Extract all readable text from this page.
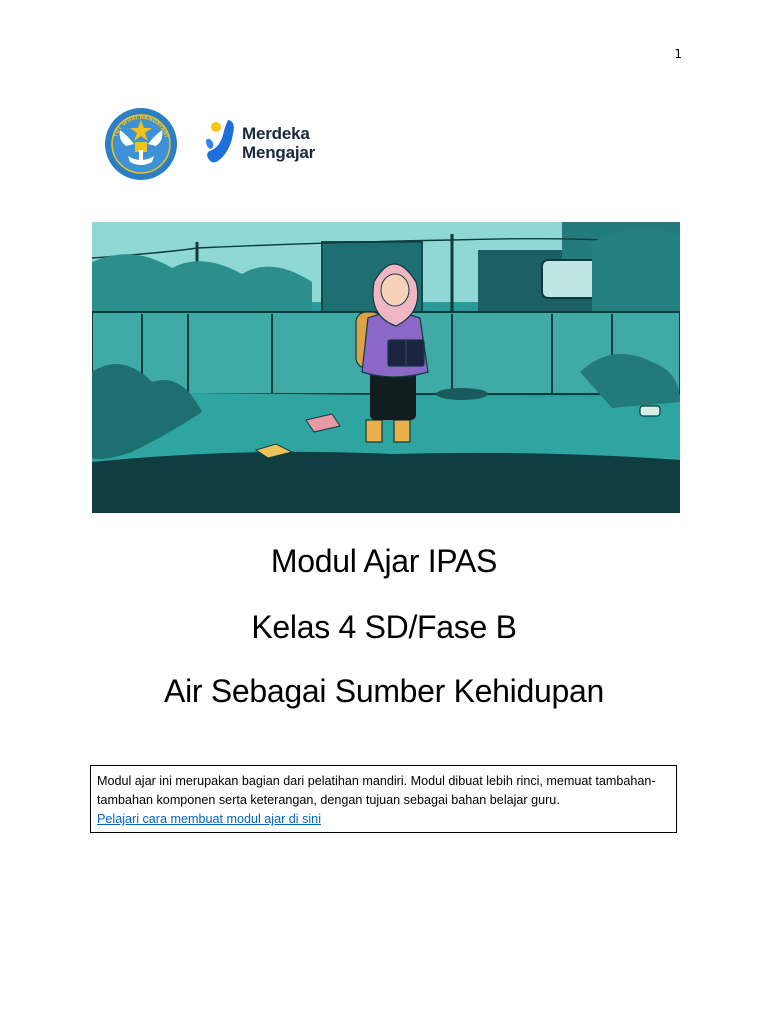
1
TUT WURI HANDAYANI	Merdeka
Mengajar
Modul Ajar IPAS
Kelas 4 SD/Fase B
Air Sebagai Sumber Kehidupan
Modul ajar ini merupakan bagian dari pelatihan mandiri. Modul dibuat lebih rinci, memuat tambahan-tambahan komponen serta keterangan, dengan tujuan sebagai bahan belajar guru.
Pelajari cara membuat modul ajar di sini
